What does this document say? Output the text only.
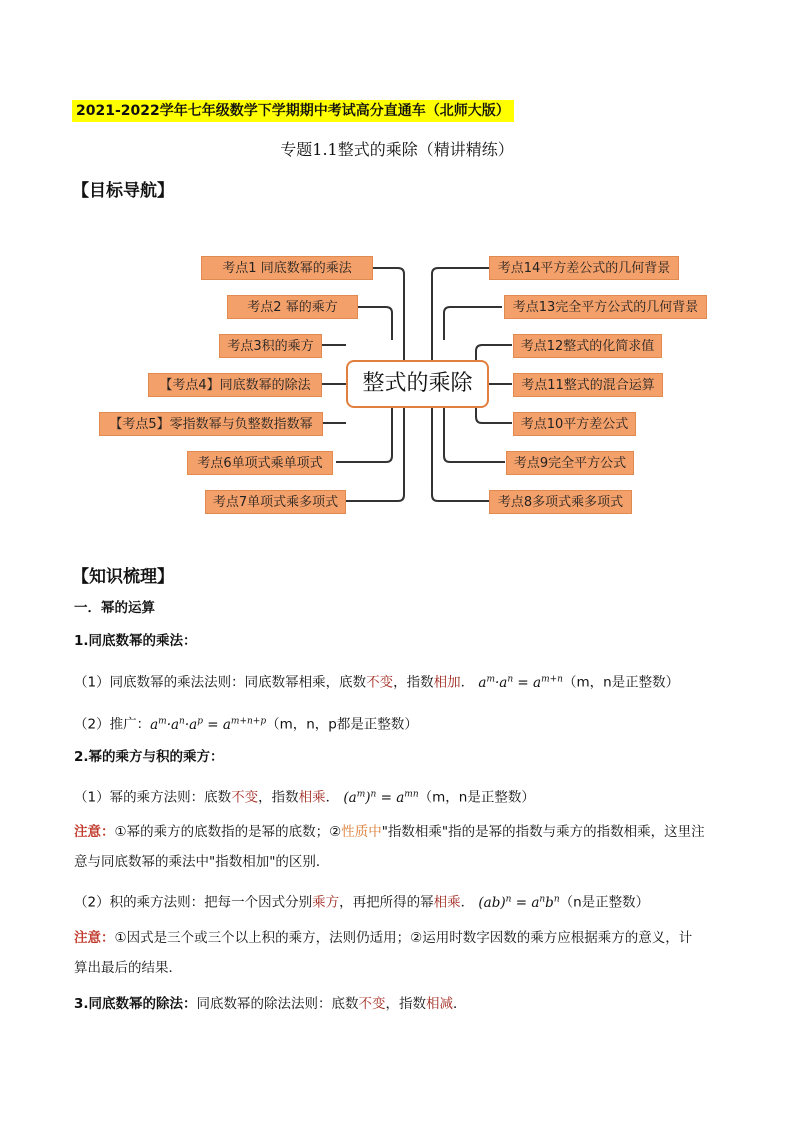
2021-2022学年七年级数学下学期期中考试高分直通车（北师大版）
专题1.1整式的乘除（精讲精练）
【目标导航】
整式的乘除
考点1 同底数幂的乘法
考点2 幂的乘方
考点3积的乘方
【考点4】同底数幂的除法
【考点5】零指数幂与负整数指数幂
考点6单项式乘单项式
考点7单项式乘多项式
考点14平方差公式的几何背景
考点13完全平方公式的几何背景
考点12整式的化简求值
考点11整式的混合运算
考点10平方差公式
考点9完全平方公式
考点8多项式乘多项式
【知识梳理】
一．幂的运算
1.同底数幂的乘法：
（1）同底数幂的乘法法则：同底数幂相乘，底数不变，指数相加． $a^m\cdot a^n = a^{m+n}(m$，n是正整数）
（2）推广：$a^m\cdot a^n\cdot a^p = a^{m+n+p}(m$，n，p都是正整数）
2.幂的乘方与积的乘方：
（1）幂的乘方法则：底数不变，指数相乘． $(a^m)^n = a^{mn}(m$，n是正整数）
注意：①幂的乘方的底数指的是幂的底数；②性质中"指数相乘"指的是幂的指数与乘方的指数相乘，这里注
意与同底数幂的乘法中"指数相加"的区别．
（2）积的乘方法则：把每一个因式分别乘方，再把所得的幂相乘． $(ab)^n = a^nb^n(n$是正整数）
注意：①因式是三个或三个以上积的乘方，法则仍适用；②运用时数字因数的乘方应根据乘方的意义，计
算出最后的结果．
3.同底数幂的除法：同底数幂的除法法则：底数不变，指数相减．
